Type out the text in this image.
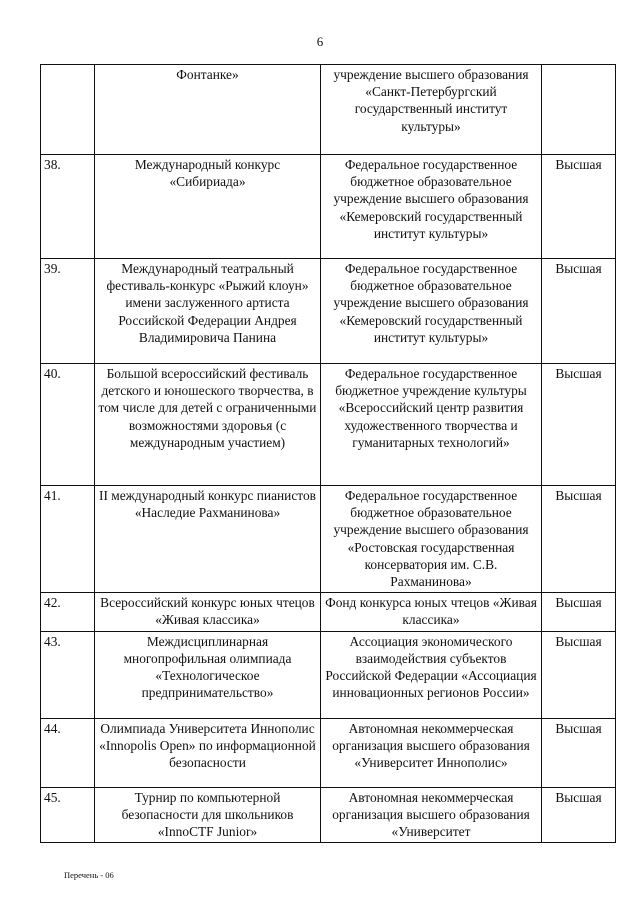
6
	Фонтанке»	учреждение высшего образования «Санкт-Петербургский государственный институт культуры»	
38.	Международный конкурс «Сибириада»	Федеральное государственное бюджетное образовательное учреждение высшего образования «Кемеровский государственный институт культуры»	Высшая
39.	Международный театральный фестиваль-конкурс «Рыжий клоун» имени заслуженного артиста Российской Федерации Андрея Владимировича Панина	Федеральное государственное бюджетное образовательное учреждение высшего образования «Кемеровский государственный институт культуры»	Высшая
40.	Большой всероссийский фестиваль детского и юношеского творчества, в том числе для детей с ограниченными возможностями здоровья (с международным участием)	Федеральное государственное бюджетное учреждение культуры «Всероссийский центр развития художественного творчества и гуманитарных технологий»	Высшая
41.	II международный конкурс пианистов «Наследие Рахманинова»	Федеральное государственное бюджетное образовательное учреждение высшего образования «Ростовская государственная консерватория им. С.В. Рахманинова»	Высшая
42.	Всероссийский конкурс юных чтецов «Живая классика»	Фонд конкурса юных чтецов «Живая классика»	Высшая
43.	Междисциплинарная многопрофильная олимпиада «Технологическое предпринимательство»	Ассоциация экономического взаимодействия субъектов Российской Федерации «Ассоциация инновационных регионов России»	Высшая
44.	Олимпиада Университета Иннополис «Innopolis Open» по информационной безопасности	Автономная некоммерческая организация высшего образования «Университет Иннополис»	Высшая
45.	Турнир по компьютерной безопасности для школьников «InnoCTF Junior»	Автономная некоммерческая организация высшего образования «Университет	Высшая
Перечень - 06
